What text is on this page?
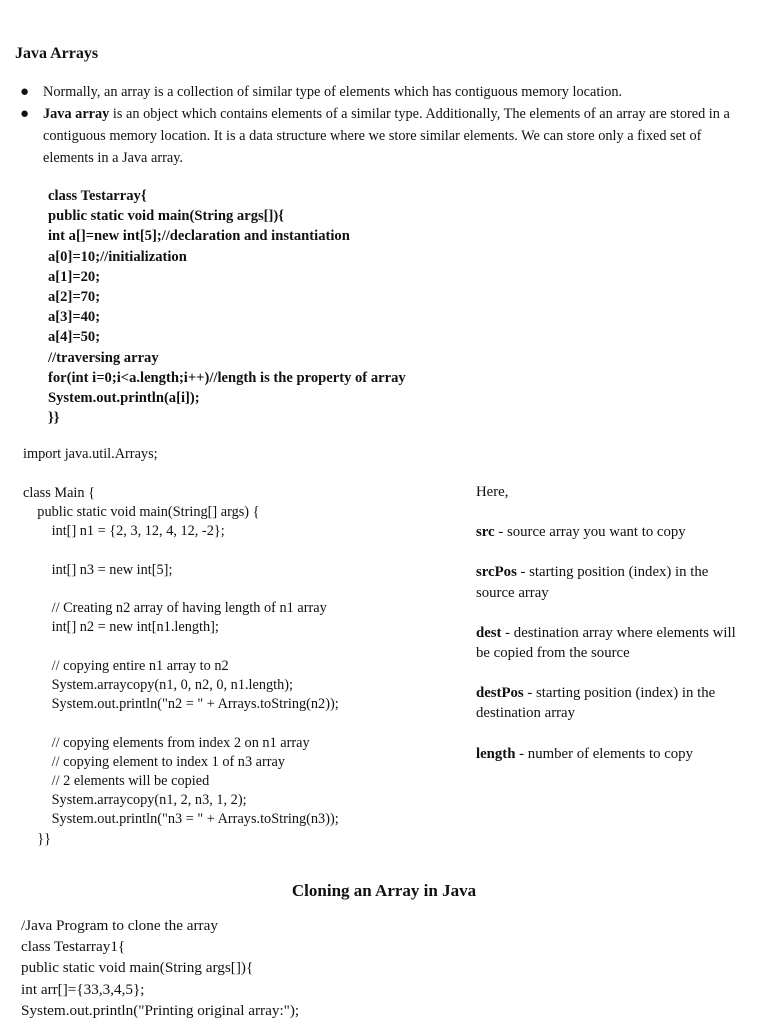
Java Arrays
● Normally, an array is a collection of similar type of elements which has contiguous memory location.
● Java array is an object which contains elements of a similar type. Additionally, The elements of an array are stored in a contiguous memory location. It is a data structure where we store similar elements. We can store only a fixed set of elements in a Java array.
class Testarray{
public static void main(String args[]){
int a[]=new int[5];//declaration and instantiation
a[0]=10;//initialization
a[1]=20;
a[2]=70;
a[3]=40;
a[4]=50;
//traversing array
for(int i=0;i<a.length;i++)//length is the property of array
System.out.println(a[i]);
}}
import java.util.Arrays;
class Main {
public static void main(String[] args) {
int[] n1 = {2, 3, 12, 4, 12, -2};

int[] n3 = new int[5];

// Creating n2 array of having length of n1 array
int[] n2 = new int[n1.length];

// copying entire n1 array to n2
System.arraycopy(n1, 0, n2, 0, n1.length);
System.out.println("n2 = " + Arrays.toString(n2));

// copying elements from index 2 on n1 array
// copying element to index 1 of n3 array
// 2 elements will be copied
System.arraycopy(n1, 2, n3, 1, 2);
System.out.println("n3 = " + Arrays.toString(n3));
}}
Here,
src - source array you want to copy
srcPos - starting position (index) in the source array
dest - destination array where elements will be copied from the source
destPos - starting position (index) in the destination array
length - number of elements to copy
Cloning an Array in Java
/Java Program to clone the array
class Testarray1{
public static void main(String args[]){
int arr[]={33,3,4,5};
System.out.println("Printing original array:");
